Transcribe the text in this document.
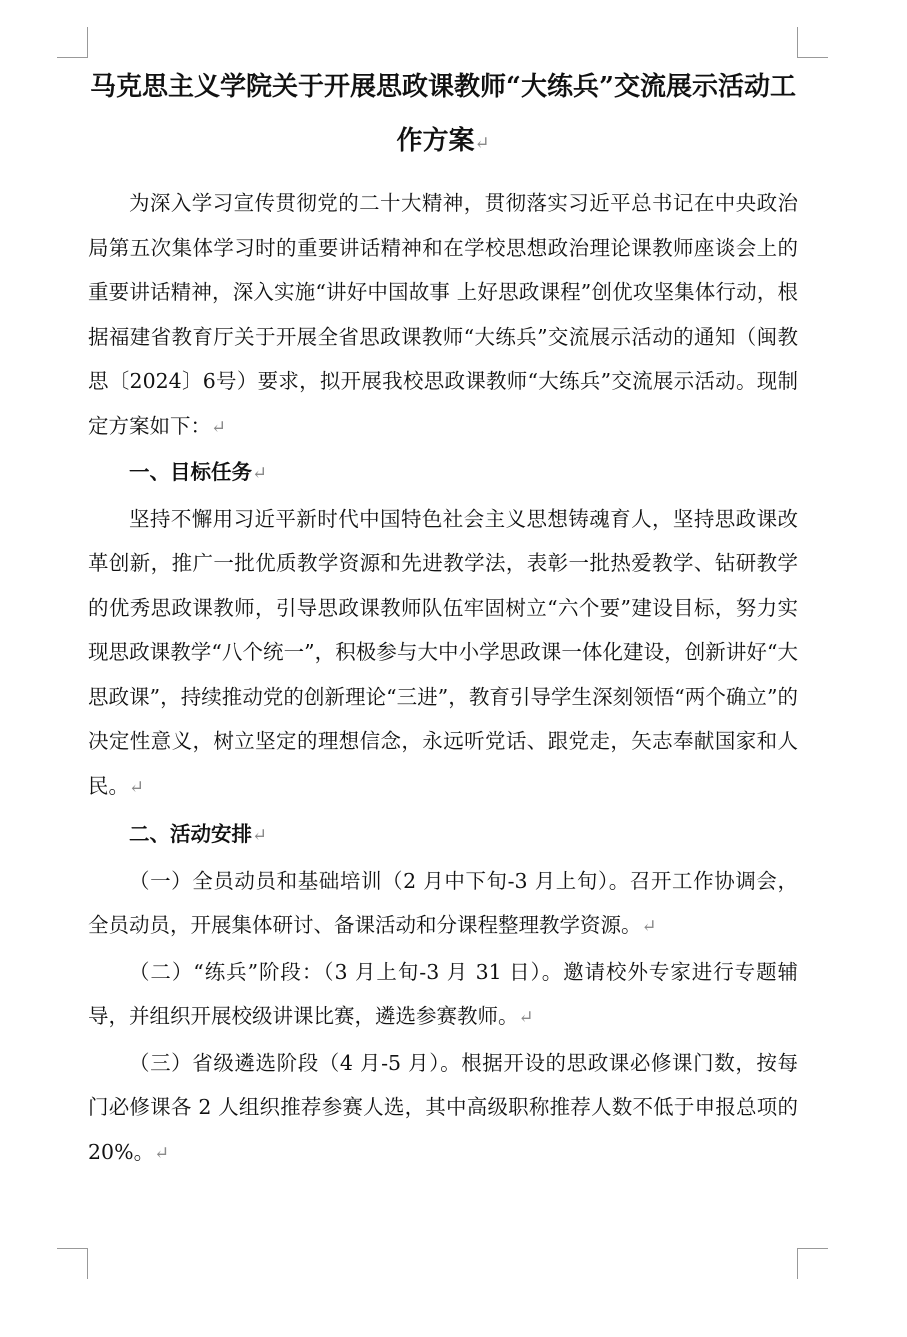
马克思主义学院关于开展思政课教师“大练兵”交流展示活动工作方案↵

为深入学习宣传贯彻党的二十大精神，贯彻落实习近平总书记在中央政治局第五次集体学习时的重要讲话精神和在学校思想政治理论课教师座谈会上的重要讲话精神，深入实施“讲好中国故事 上好思政课程”创优攻坚集体行动，根据福建省教育厅关于开展全省思政课教师“大练兵”交流展示活动的通知（闽教思〔2024〕6号）要求，拟开展我校思政课教师“大练兵”交流展示活动。现制定方案如下：↵

一、目标任务↵

坚持不懈用习近平新时代中国特色社会主义思想铸魂育人，坚持思政课改革创新，推广一批优质教学资源和先进教学法，表彰一批热爱教学、钻研教学的优秀思政课教师，引导思政课教师队伍牢固树立“六个要”建设目标，努力实现思政课教学“八个统一”，积极参与大中小学思政课一体化建设，创新讲好“大思政课”，持续推动党的创新理论“三进”，教育引导学生深刻领悟“两个确立”的决定性意义，树立坚定的理想信念，永远听党话、跟党走，矢志奉献国家和人民。↵

二、活动安排↵

（一）全员动员和基础培训（2 月中下旬-3 月上旬）。召开工作协调会，全员动员，开展集体研讨、备课活动和分课程整理教学资源。↵

（二）“练兵”阶段：（3 月上旬-3 月 31 日）。邀请校外专家进行专题辅导，并组织开展校级讲课比赛，遴选参赛教师。↵

（三）省级遴选阶段（4 月-5 月）。根据开设的思政课必修课门数，按每门必修课各 2 人组织推荐参赛人选，其中高级职称推荐人数不低于申报总项的 20%。↵
